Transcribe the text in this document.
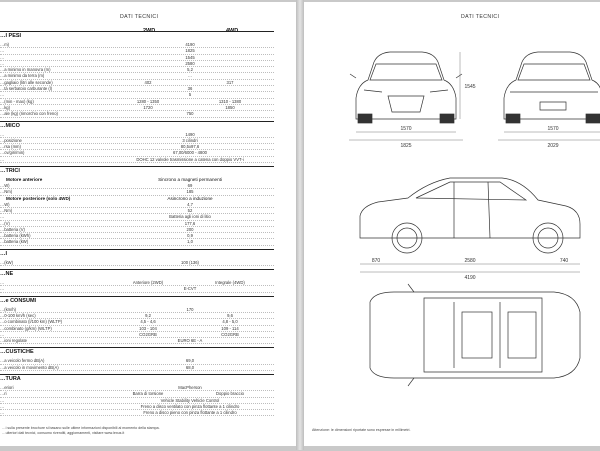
DATI TECNICI
2WD	4WD
…I PESI
…m)	4190
…	1825
…	1545
…	2580
…a minimo in manovra (m)	5,2
…a minimo da terra (m)	…
…gagliaio (litri alle seconde)	402	317
…tà serbatoio carburante (l)	36
…	5
…(min - max) (kg)	1280 - 1350	1310 - 1380
…kg)	1720	1850
…ale (kg) (rimorchio con freno)	750
…MICO
…	1490
…posizione	3 cilindri
…rsa (mm)	80,5x97,6
…cv/giri/min)	67,00/6000 - 4800
…	DOHC 12 valvole trasmissione a catena con doppio VVT-i
…TRICI
Motore anteriore	Sincrono a magneti permanenti
…W)	69
…Nm)	185
Motore posteriore (solo 4WD)	Asincrono a induzione
…W)	4,7
…Nm)	52
…	Batteria agli ioni di litio
…(V)	177,6
…batteria (V)	200
…batteria (kWh)	0,9
…batteria (kW)	1,0
…I
…(kW)	100 (136)
…NE
…	Anteriore (2WD)	Integrale (4WD)
…	E-CVT
…e CONSUMI
…(km/h)	170
…0-100 km/h (sec)	9,2	9,6
…o combinato (l/100 km) (WLTP)	4,5 - 4,6	4,8 - 5,0
…combinato (g/km) (WLTP)	103 - 104	109 - 114
…	CO2GRB	CO2GRB
…ioni regolate	EURO 6E - A
…CUSTICHE
…a veicolo fermo dB(A)	69,0
…a veicolo in movimento dB(A)	68,0
…TURA
…eriori	MacPherson
…ri	Barra di torsione	Doppio braccio
…	Vehicle Stability Vehicle Control
…	Freno a disco ventilato con pinza flottante a 1 cilindro
…	Freno a disco pieno con pinza flottante a 1 cilindro
…i sulla presente brochure si basano sulle ultime informazioni disponibili al momento della stampa.
…ulteriori dati tecnici, consumo rivenditi, aggiornamenti, visitare www.lexus.it
DATI TECNICI
1545
1570
1825
1570
2029
870	2580	740
4190
Attenzione: le dimensioni riportate sono espresse in millimetri.
